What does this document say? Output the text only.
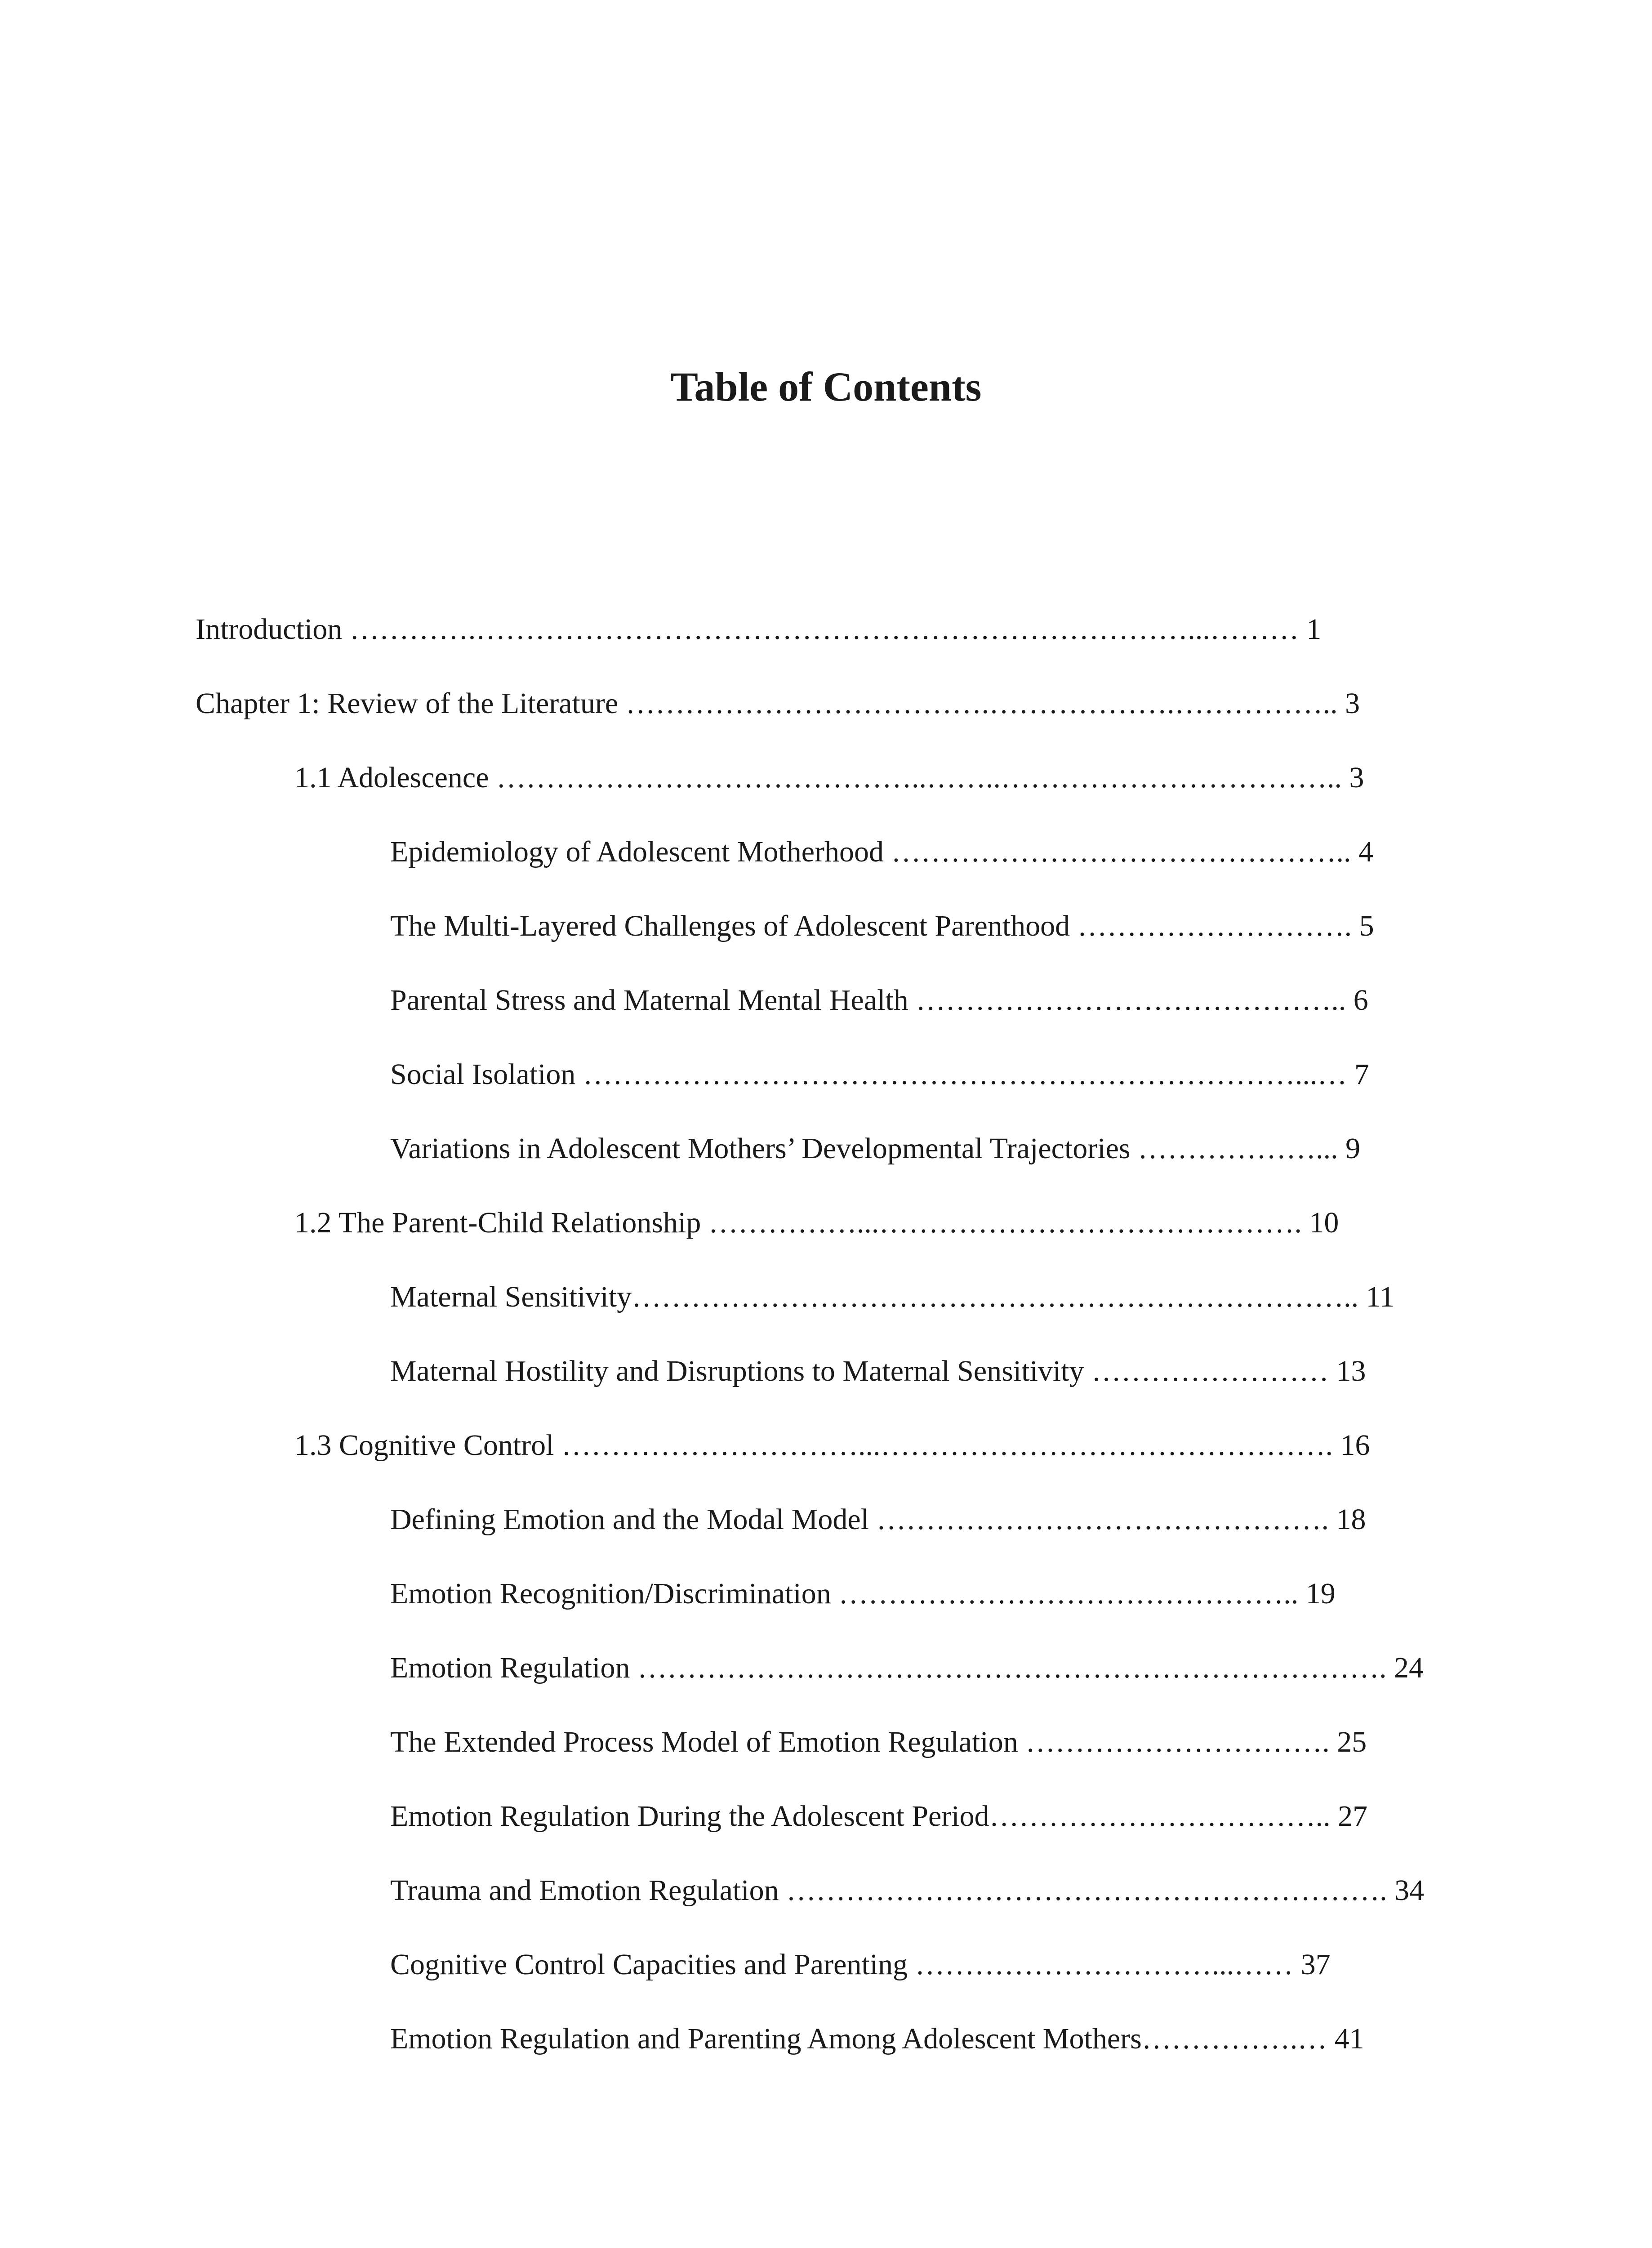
Table of Contents
Introduction ………….………………………………………………………………...……… 1
Chapter 1: Review of the Literature ……………………………….……………….…………….. 3
1.1 Adolescence ……………………………………..……..…………………………….. 3
Epidemiology of Adolescent Motherhood ……………………………………….. 4
The Multi-Layered Challenges of Adolescent Parenthood ………………………. 5
Parental Stress and Maternal Mental Health …………………………………….. 6
Social Isolation ………………………………………………………………...… 7
Variations in Adolescent Mothers’ Developmental Trajectories ………………... 9
1.2 The Parent-Child Relationship ……………...……………………………………. 10
Maternal Sensitivity……………………………………………………………….. 11
Maternal Hostility and Disruptions to Maternal Sensitivity …………………… 13
1.3 Cognitive Control …………………………...………………………………………. 16
Defining Emotion and the Modal Model ………………………………………. 18
Emotion Recognition/Discrimination ……………………………………….. 19
Emotion Regulation …………………………………………………………………. 24
The Extended Process Model of Emotion Regulation …………………………. 25
Emotion Regulation During the Adolescent Period…………………………….. 27
Trauma and Emotion Regulation ……………………………………………………. 34
Cognitive Control Capacities and Parenting …………………………...…… 37
Emotion Regulation and Parenting Among Adolescent Mothers…………….… 41
